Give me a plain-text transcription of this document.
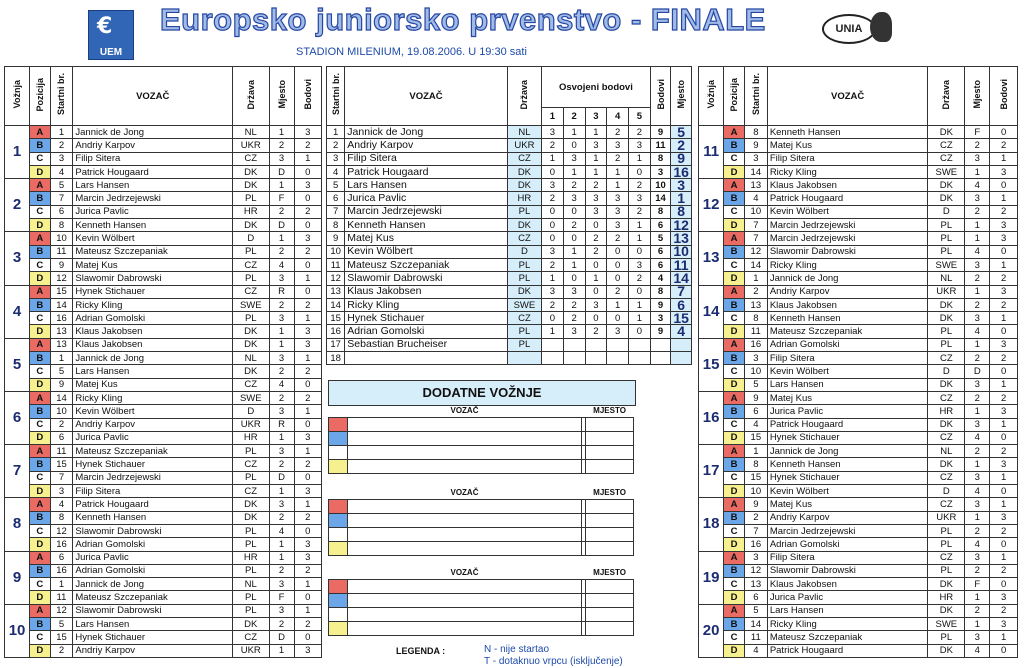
€
UEM
Europsko juniorsko prvenstvo - FINALE
STADION MILENIUM, 19.08.2006. U 19:30 sati
UNIA
Vožnja	Pozicija	Startni br.	VOZAČ	Država	Mjesto	Bodovi
1	A	1	Jannick de Jong	NL	1	3
	B	2	Andriy Karpov	UKR	2	2
	C	3	Filip Sitera	CZ	3	1
	D	4	Patrick Hougaard	DK	D	0
2	A	5	Lars Hansen	DK	1	3
	B	7	Marcin Jedrzejewski	PL	F	0
	C	6	Jurica Pavlic	HR	2	2
	D	8	Kenneth Hansen	DK	D	0
3	A	10	Kevin Wölbert	D	1	3
	B	11	Mateusz Szczepaniak	PL	2	2
	C	9	Matej Kus	CZ	4	0
	D	12	Slawomir Dabrowski	PL	3	1
4	A	15	Hynek Stichauer	CZ	R	0
	B	14	Ricky Kling	SWE	2	2
	C	16	Adrian Gomolski	PL	3	1
	D	13	Klaus Jakobsen	DK	1	3
5	A	13	Klaus Jakobsen	DK	1	3
	B	1	Jannick de Jong	NL	3	1
	C	5	Lars Hansen	DK	2	2
	D	9	Matej Kus	CZ	4	0
6	A	14	Ricky Kling	SWE	2	2
	B	10	Kevin Wölbert	D	3	1
	C	2	Andriy Karpov	UKR	R	0
	D	6	Jurica Pavlic	HR	1	3
7	A	11	Mateusz Szczepaniak	PL	3	1
	B	15	Hynek Stichauer	CZ	2	2
	C	7	Marcin Jedrzejewski	PL	D	0
	D	3	Filip Sitera	CZ	1	3
8	A	4	Patrick Hougaard	DK	3	1
	B	8	Kenneth Hansen	DK	2	2
	C	12	Slawomir Dabrowski	PL	4	0
	D	16	Adrian Gomolski	PL	1	3
9	A	6	Jurica Pavlic	HR	1	3
	B	16	Adrian Gomolski	PL	2	2
	C	1	Jannick de Jong	NL	3	1
	D	11	Mateusz Szczepaniak	PL	F	0
10	A	12	Slawomir Dabrowski	PL	3	1
	B	5	Lars Hansen	DK	2	2
	C	15	Hynek Stichauer	CZ	D	0
	D	2	Andriy Karpov	UKR	1	3
Startni br.	VOZAČ	Država	Osvojeni bodovi					Bodovi	Mjesto
			1	2	3	4	5		
1	Jannick de Jong	NL	3	1	1	2	2	9	5
2	Andriy Karpov	UKR	2	0	3	3	3	11	2
3	Filip Sitera	CZ	1	3	1	2	1	8	9
4	Patrick Hougaard	DK	0	1	1	1	0	3	16
5	Lars Hansen	DK	3	2	2	1	2	10	3
6	Jurica Pavlic	HR	2	3	3	3	3	14	1
7	Marcin Jedrzejewski	PL	0	0	3	3	2	8	8
8	Kenneth Hansen	DK	0	2	0	3	1	6	12
9	Matej Kus	CZ	0	0	2	2	1	5	13
10	Kevin Wölbert	D	3	1	2	0	0	6	10
11	Mateusz Szczepaniak	PL	2	1	0	0	3	6	11
12	Slawomir Dabrowski	PL	1	0	1	0	2	4	14
13	Klaus Jakobsen	DK	3	3	0	2	0	8	7
14	Ricky Kling	SWE	2	2	3	1	1	9	6
15	Hynek Stichauer	CZ	0	2	0	0	1	3	15
16	Adrian Gomolski	PL	1	3	2	3	0	9	4
17	Sebastian Brucheiser	PL							
18									
Vožnja	Pozicija	Startni br.	VOZAČ	Država	Mjesto	Bodovi
11	A	8	Kenneth Hansen	DK	F	0
	B	9	Matej Kus	CZ	2	2
	C	3	Filip Sitera	CZ	3	1
	D	14	Ricky Kling	SWE	1	3
12	A	13	Klaus Jakobsen	DK	4	0
	B	4	Patrick Hougaard	DK	3	1
	C	10	Kevin Wölbert	D	2	2
	D	7	Marcin Jedrzejewski	PL	1	3
13	A	7	Marcin Jedrzejewski	PL	1	3
	B	12	Slawomir Dabrowski	PL	4	0
	C	14	Ricky Kling	SWE	3	1
	D	1	Jannick de Jong	NL	2	2
14	A	2	Andriy Karpov	UKR	1	3
	B	13	Klaus Jakobsen	DK	2	2
	C	8	Kenneth Hansen	DK	3	1
	D	11	Mateusz Szczepaniak	PL	4	0
15	A	16	Adrian Gomolski	PL	1	3
	B	3	Filip Sitera	CZ	2	2
	C	10	Kevin Wölbert	D	D	0
	D	5	Lars Hansen	DK	3	1
16	A	9	Matej Kus	CZ	2	2
	B	6	Jurica Pavlic	HR	1	3
	C	4	Patrick Hougaard	DK	3	1
	D	15	Hynek Stichauer	CZ	4	0
17	A	1	Jannick de Jong	NL	2	2
	B	8	Kenneth Hansen	DK	1	3
	C	15	Hynek Stichauer	CZ	3	1
	D	10	Kevin Wölbert	D	4	0
18	A	9	Matej Kus	CZ	3	1
	B	2	Andriy Karpov	UKR	1	3
	C	7	Marcin Jedrzejewski	PL	2	2
	D	16	Adrian Gomolski	PL	4	0
19	A	3	Filip Sitera	CZ	3	1
	B	12	Slawomir Dabrowski	PL	2	2
	C	13	Klaus Jakobsen	DK	F	0
	D	6	Jurica Pavlic	HR	1	3
20	A	5	Lars Hansen	DK	2	2
	B	14	Ricky Kling	SWE	1	3
	C	11	Mateusz Szczepaniak	PL	3	1
	D	4	Patrick Hougaard	DK	4	0
DODATNE VOŽNJE
	VOZAČ		MJESTO

	VOZAČ		MJESTO

	VOZAČ		MJESTO

LEGENDA :	N - nije startao
T - dotaknuo vrpcu (isključenje)
